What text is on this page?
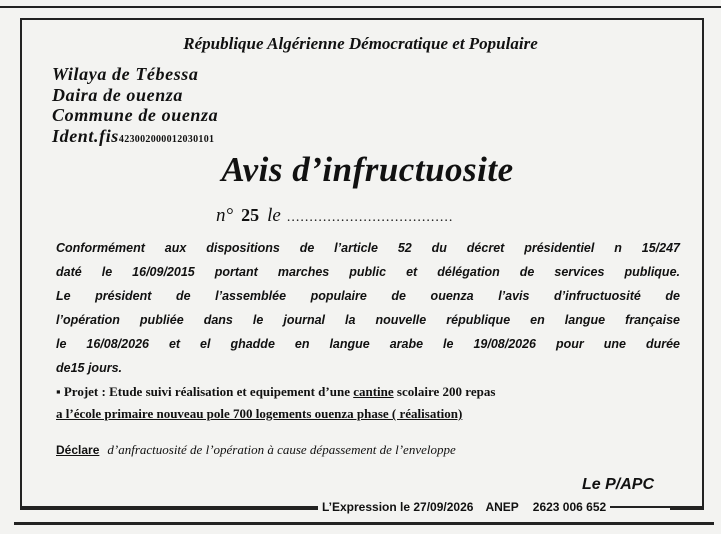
République Algérienne Démocratique et Populaire
Wilaya de Tébessa
Daira de ouenza
Commune de ouenza
Ident.fis423002000012030101
Avis d’infructuosite
n° 25 le .....................................
Conformément aux dispositions de l’article 52 du décret présidentiel n 15/247
daté le 16/09/2015 portant marches public et délégation de services publique.
Le président de l’assemblée populaire de ouenza l’avis d’infructuosité de
l’opération publiée dans le journal la nouvelle république en langue française
le 16/08/2026 et el ghadde en langue arabe le 19/08/2026 pour une durée
de15 jours.
▪ Projet : Etude suivi réalisation et equipement d’une cantine scolaire 200 repas
a l’école primaire nouveau pole 700 logements ouenza phase ( réalisation)
Déclare d’anfractuosité de l’opération à cause dépassement de l’enveloppe
Le P/APC
L’Expression le 27/09/2026 ANEP 2623 006 652
